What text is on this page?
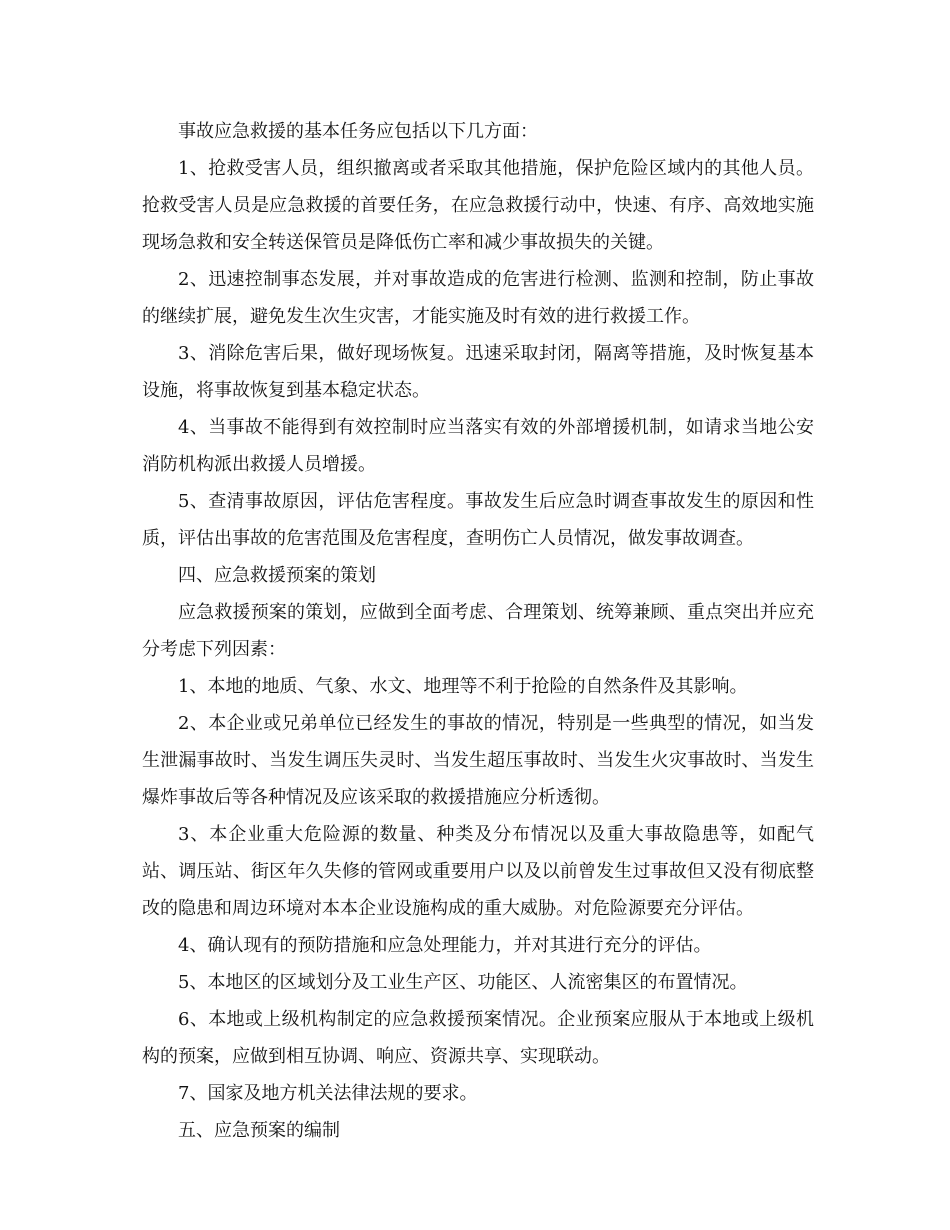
事故应急救援的基本任务应包括以下几方面：

1、抢救受害人员，组织撤离或者采取其他措施，保护危险区域内的其他人员。抢救受害人员是应急救援的首要任务，在应急救援行动中，快速、有序、高效地实施现场急救和安全转送保管员是降低伤亡率和减少事故损失的关键。

2、迅速控制事态发展，并对事故造成的危害进行检测、监测和控制，防止事故的继续扩展，避免发生次生灾害，才能实施及时有效的进行救援工作。

3、消除危害后果，做好现场恢复。迅速采取封闭，隔离等措施，及时恢复基本设施，将事故恢复到基本稳定状态。

4、当事故不能得到有效控制时应当落实有效的外部增援机制，如请求当地公安消防机构派出救援人员增援。

5、查清事故原因，评估危害程度。事故发生后应急时调查事故发生的原因和性质，评估出事故的危害范围及危害程度，查明伤亡人员情况，做发事故调查。

四、应急救援预案的策划

应急救援预案的策划，应做到全面考虑、合理策划、统筹兼顾、重点突出并应充分考虑下列因素：

1、本地的地质、气象、水文、地理等不利于抢险的自然条件及其影响。

2、本企业或兄弟单位已经发生的事故的情况，特别是一些典型的情况，如当发生泄漏事故时、当发生调压失灵时、当发生超压事故时、当发生火灾事故时、当发生爆炸事故后等各种情况及应该采取的救援措施应分析透彻。

3、本企业重大危险源的数量、种类及分布情况以及重大事故隐患等，如配气站、调压站、街区年久失修的管网或重要用户以及以前曾发生过事故但又没有彻底整改的隐患和周边环境对本本企业设施构成的重大威胁。对危险源要充分评估。

4、确认现有的预防措施和应急处理能力，并对其进行充分的评估。

5、本地区的区域划分及工业生产区、功能区、人流密集区的布置情况。

6、本地或上级机构制定的应急救援预案情况。企业预案应服从于本地或上级机构的预案，应做到相互协调、响应、资源共享、实现联动。

7、国家及地方机关法律法规的要求。

五、应急预案的编制
